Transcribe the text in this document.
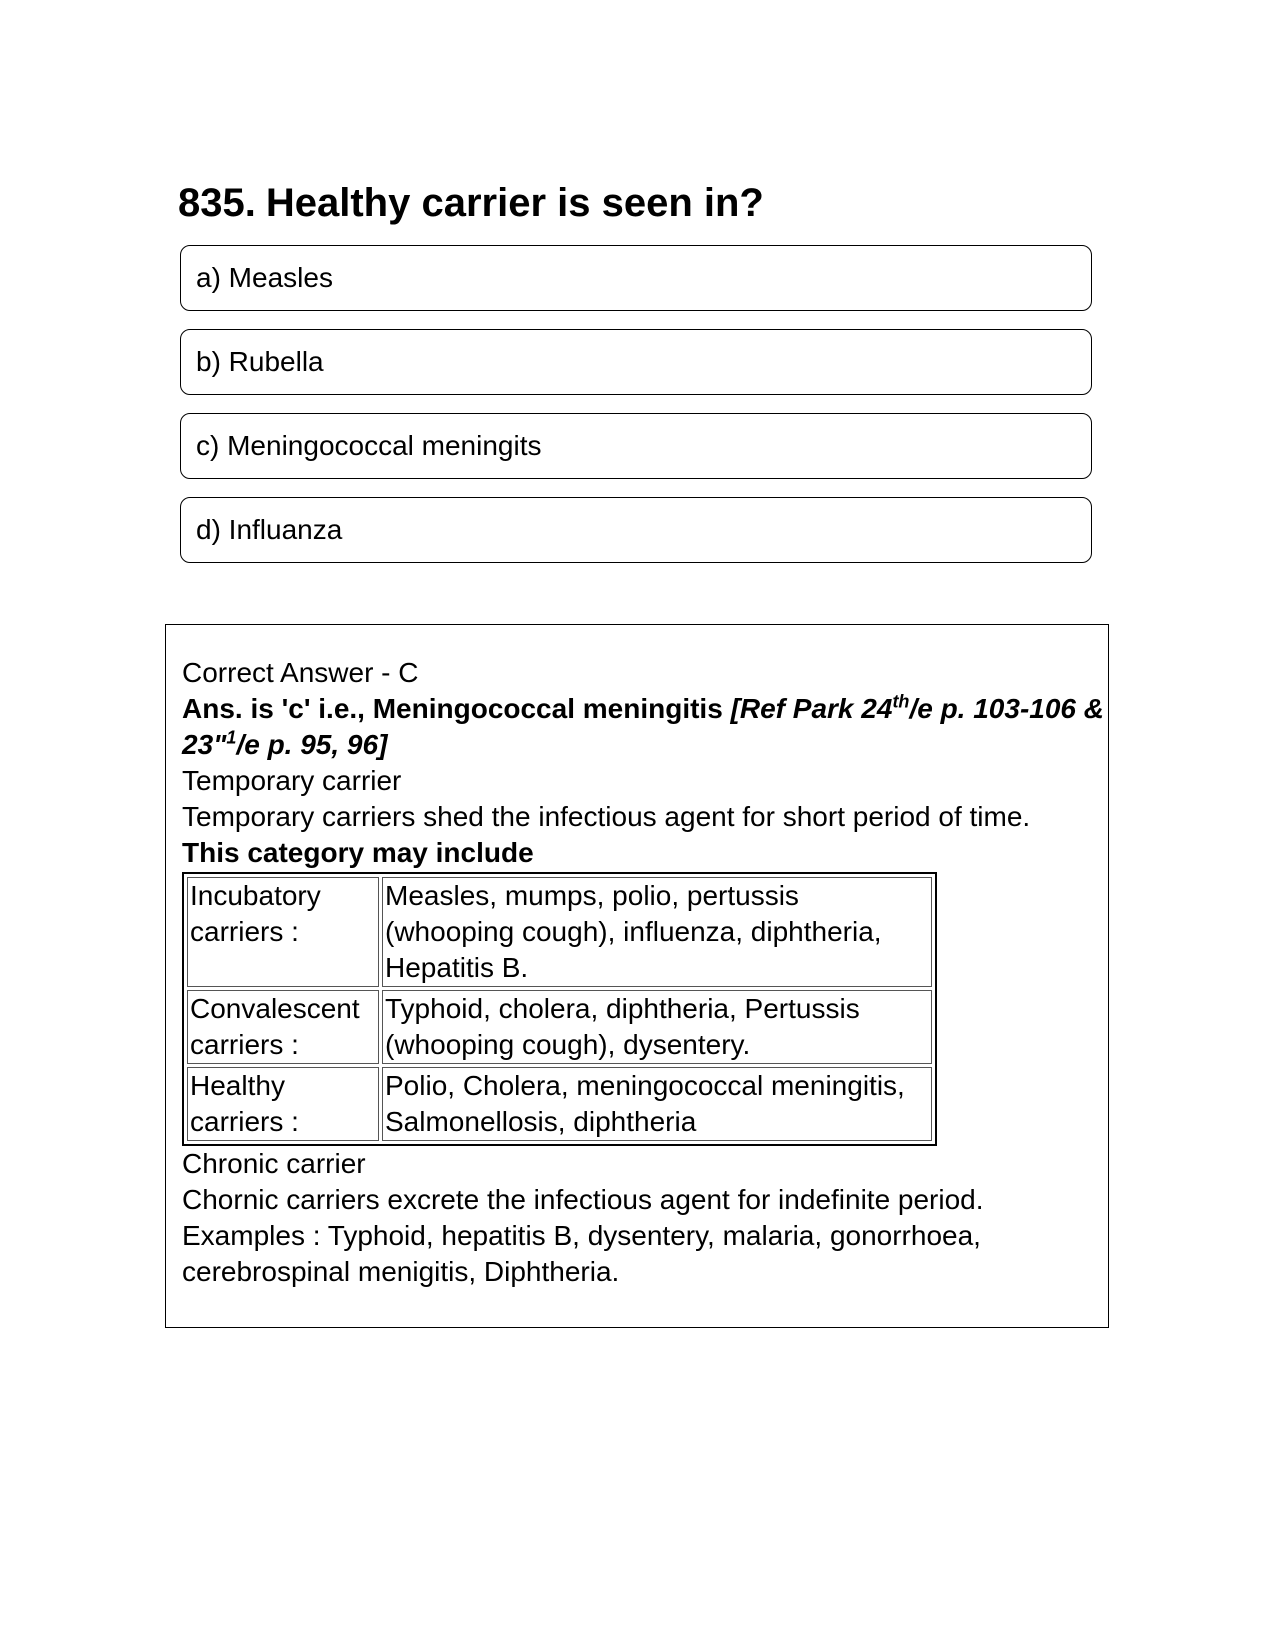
835. Healthy carrier is seen in?
a) Measles
b) Rubella
c) Meningococcal meningits
d) Influanza

Correct Answer - C

Ans. is 'c' i.e., Meningococcal meningitis [Ref Park 24th/e p. 103-106 & 23"$^1$/e p. 95, 96]

Temporary carrier

Temporary carriers shed the infectious agent for short period of time.

This category may include

Incubatory carriers :	Measles, mumps, polio, pertussis (whooping cough), influenza, diphtheria, Hepatitis B.
Convalescent carriers :	Typhoid, cholera, diphtheria, Pertussis (whooping cough), dysentery.
Healthy carriers :	Polio, Cholera, meningococcal meningitis, Salmonellosis, diphtheria

Chronic carrier

Chornic carriers excrete the infectious agent for indefinite period.

Examples : Typhoid, hepatitis B, dysentery, malaria, gonorrhoea, cerebrospinal menigitis, Diphtheria.
